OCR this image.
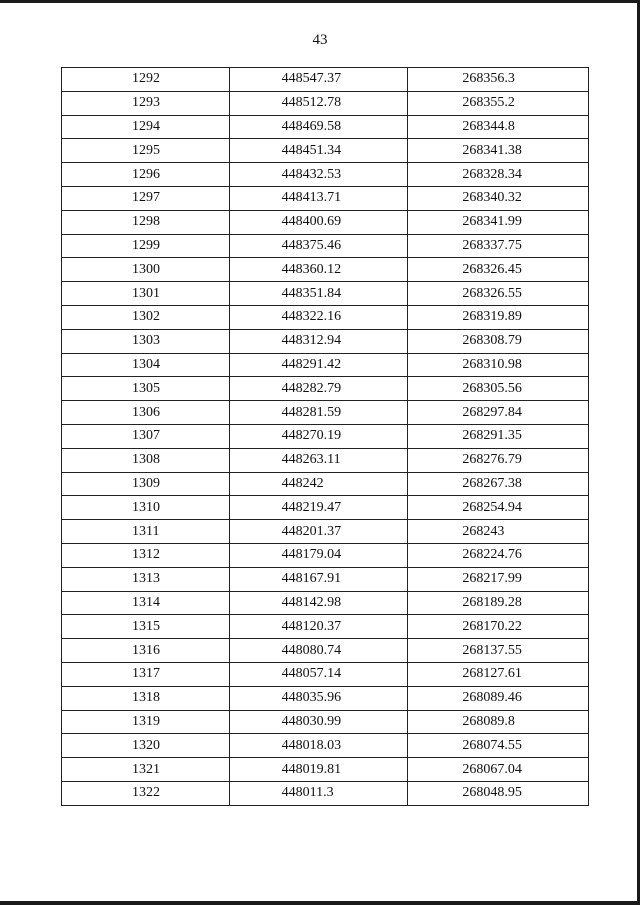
43
1292	448547.37	268356.3
1293	448512.78	268355.2
1294	448469.58	268344.8
1295	448451.34	268341.38
1296	448432.53	268328.34
1297	448413.71	268340.32
1298	448400.69	268341.99
1299	448375.46	268337.75
1300	448360.12	268326.45
1301	448351.84	268326.55
1302	448322.16	268319.89
1303	448312.94	268308.79
1304	448291.42	268310.98
1305	448282.79	268305.56
1306	448281.59	268297.84
1307	448270.19	268291.35
1308	448263.11	268276.79
1309	448242	268267.38
1310	448219.47	268254.94
1311	448201.37	268243
1312	448179.04	268224.76
1313	448167.91	268217.99
1314	448142.98	268189.28
1315	448120.37	268170.22
1316	448080.74	268137.55
1317	448057.14	268127.61
1318	448035.96	268089.46
1319	448030.99	268089.8
1320	448018.03	268074.55
1321	448019.81	268067.04
1322	448011.3	268048.95
